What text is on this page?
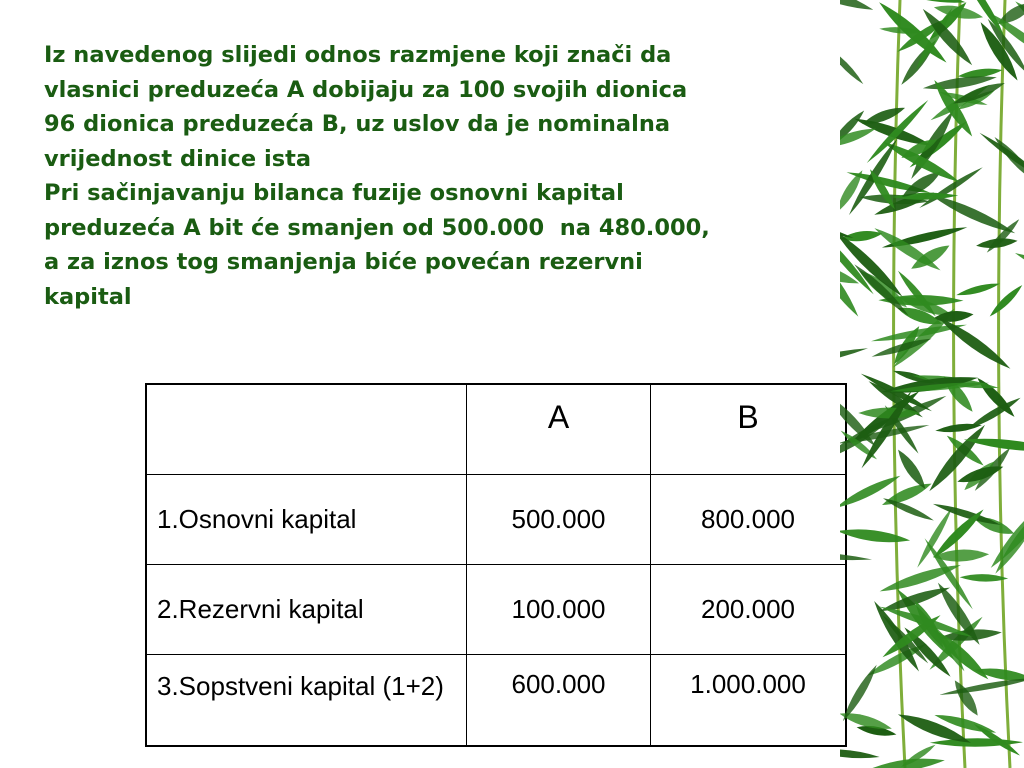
Iz navedenog slijedi odnos razmjene koji znači da
vlasnici preduzeća A dobijaju za 100 svojih dionica
96 dionica preduzeća B, uz uslov da je nominalna
vrijednost dinice ista
Pri sačinjavanju bilanca fuzije osnovni kapital
preduzeća A bit će smanjen od 500.000  na 480.000,
a za iznos tog smanjenja biće povećan rezervni
kapital
	A	B
1.Osnovni kapital	500.000	800.000
2.Rezervni kapital	100.000	200.000
3.Sopstveni kapital (1+2)	600.000	1.000.000
